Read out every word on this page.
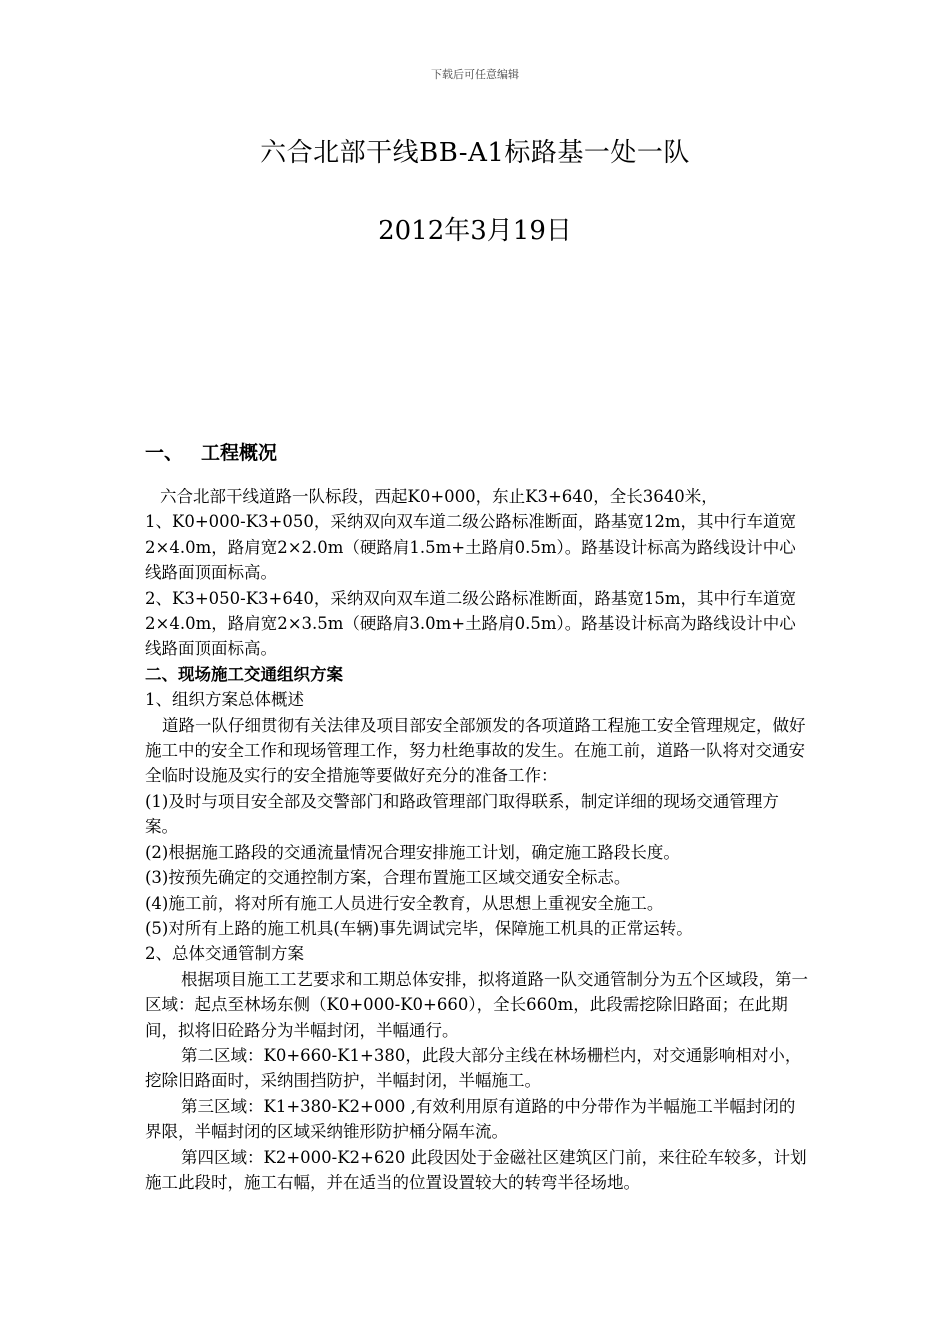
下载后可任意编辑
六合北部干线BB-A1标路基一处一队
2012年3月19日
一、 工程概况

六合北部干线道路一队标段，西起K0+000，东止K3+640，全长3640米，

1、K0+000-K3+050，采纳双向双车道二级公路标准断面，路基宽12m，其中行车道宽2×4.0m，路肩宽2×2.0m（硬路肩1.5m+土路肩0.5m）。路基设计标高为路线设计中心线路面顶面标高。

2、K3+050-K3+640，采纳双向双车道二级公路标准断面，路基宽15m，其中行车道宽2×4.0m，路肩宽2×3.5m（硬路肩3.0m+土路肩0.5m）。路基设计标高为路线设计中心线路面顶面标高。

二、现场施工交通组织方案

1、组织方案总体概述

道路一队仔细贯彻有关法律及项目部安全部颁发的各项道路工程施工安全管理规定，做好施工中的安全工作和现场管理工作，努力杜绝事故的发生。在施工前，道路一队将对交通安全临时设施及实行的安全措施等要做好充分的准备工作：

(1)及时与项目安全部及交警部门和路政管理部门取得联系，制定详细的现场交通管理方案。

(2)根据施工路段的交通流量情况合理安排施工计划，确定施工路段长度。

(3)按预先确定的交通控制方案，合理布置施工区域交通安全标志。

(4)施工前，将对所有施工人员进行安全教育，从思想上重视安全施工。

(5)对所有上路的施工机具(车辆)事先调试完毕，保障施工机具的正常运转。

2、总体交通管制方案

根据项目施工工艺要求和工期总体安排，拟将道路一队交通管制分为五个区域段，第一区域：起点至林场东侧（K0+000-K0+660），全长660m，此段需挖除旧路面；在此期间，拟将旧砼路分为半幅封闭，半幅通行。

第二区域：K0+660-K1+380，此段大部分主线在林场栅栏内，对交通影响相对小，挖除旧路面时，采纳围挡防护，半幅封闭，半幅施工。

第三区域：K1+380-K2+000 ,有效利用原有道路的中分带作为半幅施工半幅封闭的界限，半幅封闭的区域采纳锥形防护桶分隔车流。

第四区域：K2+000-K2+620 此段因处于金磁社区建筑区门前，来往砼车较多，计划施工此段时，施工右幅，并在适当的位置设置较大的转弯半径场地。
